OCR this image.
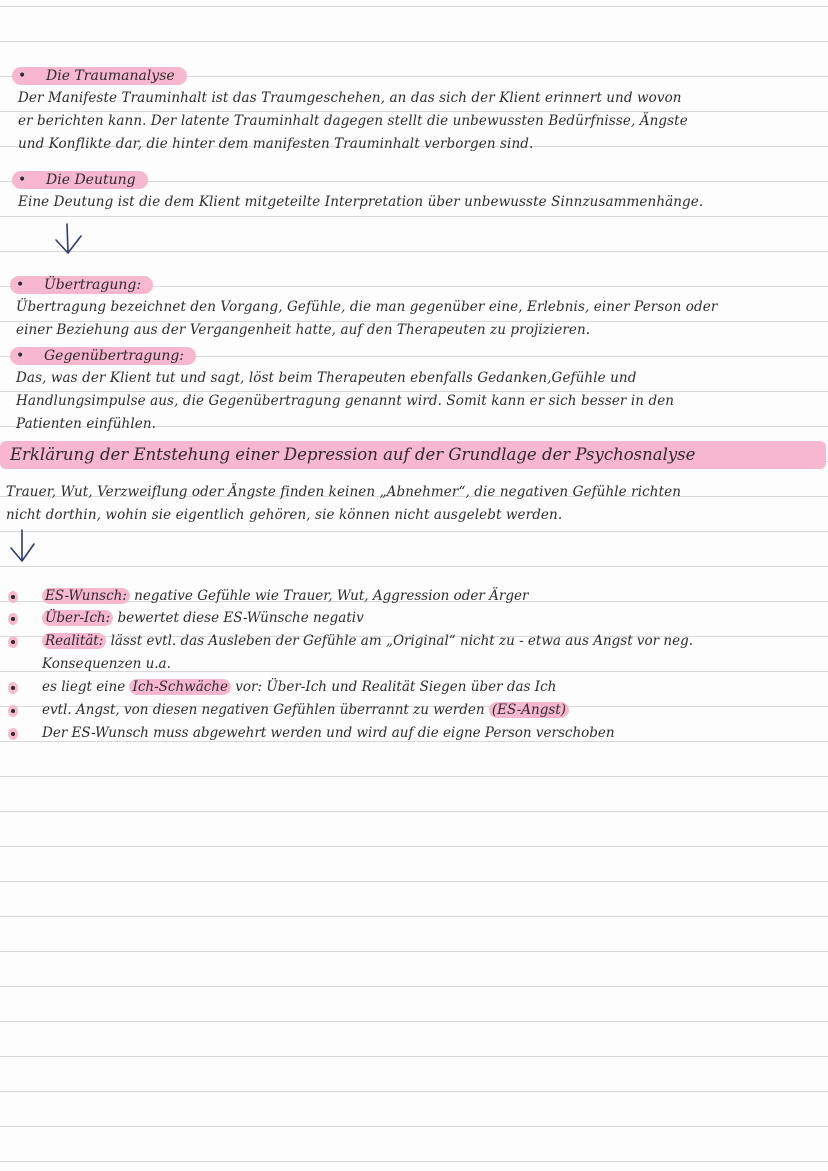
• Die Traumanalyse
Der Manifeste Trauminhalt ist das Traumgeschehen, an das sich der Klient erinnert und wovon
er berichten kann. Der latente Trauminhalt dagegen stellt die unbewussten Bedürfnisse, Ängste
und Konflikte dar, die hinter dem manifesten Trauminhalt verborgen sind.
• Die Deutung
Eine Deutung ist die dem Klient mitgeteilte Interpretation über unbewusste Sinnzusammenhänge.
• Übertragung:
Übertragung bezeichnet den Vorgang, Gefühle, die man gegenüber eine, Erlebnis, einer Person oder
einer Beziehung aus der Vergangenheit hatte, auf den Therapeuten zu projizieren.
• Gegenübertragung:
Das, was der Klient tut und sagt, löst beim Therapeuten ebenfalls Gedanken,Gefühle und
Handlungsimpulse aus, die Gegenübertragung genannt wird. Somit kann er sich besser in den
Patienten einfühlen.
Erklärung der Entstehung einer Depression auf der Grundlage der Psychosnalyse
Trauer, Wut, Verzweiflung oder Ängste finden keinen „Abnehmer“, die negativen Gefühle richten
nicht dorthin, wohin sie eigentlich gehören, sie können nicht ausgelebt werden.
ES-Wunsch: negative Gefühle wie Trauer, Wut, Aggression oder Ärger
Über-Ich: bewertet diese ES-Wünsche negativ
Realität: lässt evtl. das Ausleben der Gefühle am „Original“ nicht zu - etwa aus Angst vor neg.
Konsequenzen u.a.
es liegt eine Ich-Schwäche vor: Über-Ich und Realität Siegen über das Ich
evtl. Angst, von diesen negativen Gefühlen überrannt zu werden (ES-Angst)
Der ES-Wunsch muss abgewehrt werden und wird auf die eigne Person verschoben
